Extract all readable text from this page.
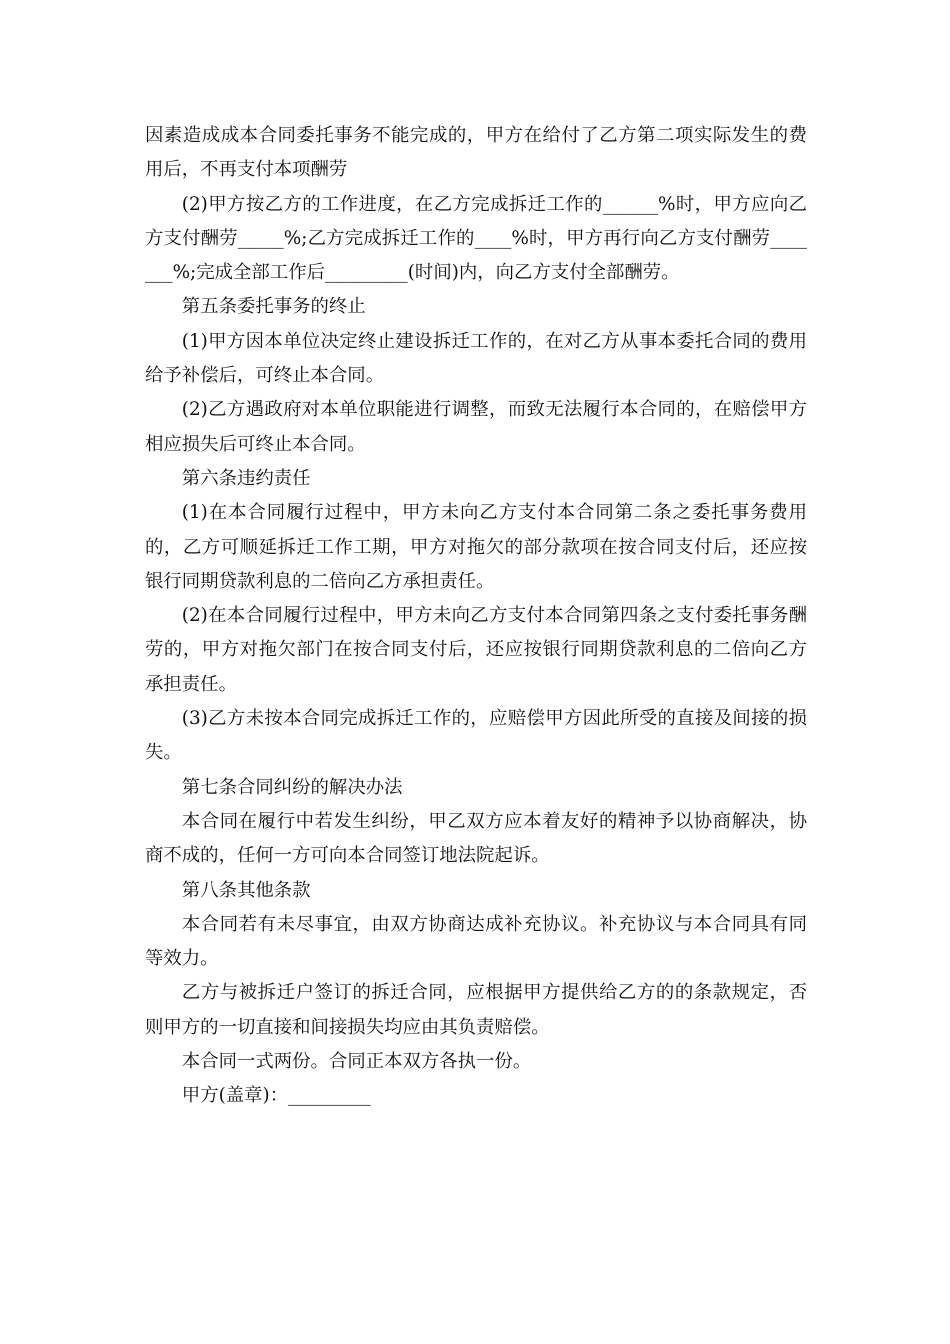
因素造成成本合同委托事务不能完成的，甲方在给付了乙方第二项实际发生的费用后，不再支付本项酬劳

(2)甲方按乙方的工作进度，在乙方完成拆迁工作的______%时，甲方应向乙方支付酬劳_____%;乙方完成拆迁工作的____%时，甲方再行向乙方支付酬劳_______%;完成全部工作后_________(时间)内，向乙方支付全部酬劳。

第五条委托事务的终止

(1)甲方因本单位决定终止建设拆迁工作的，在对乙方从事本委托合同的费用给予补偿后，可终止本合同。

(2)乙方遇政府对本单位职能进行调整，而致无法履行本合同的，在赔偿甲方相应损失后可终止本合同。

第六条违约责任

(1)在本合同履行过程中，甲方未向乙方支付本合同第二条之委托事务费用的，乙方可顺延拆迁工作工期，甲方对拖欠的部分款项在按合同支付后，还应按银行同期贷款利息的二倍向乙方承担责任。

(2)在本合同履行过程中，甲方未向乙方支付本合同第四条之支付委托事务酬劳的，甲方对拖欠部门在按合同支付后，还应按银行同期贷款利息的二倍向乙方承担责任。

(3)乙方未按本合同完成拆迁工作的，应赔偿甲方因此所受的直接及间接的损失。

第七条合同纠纷的解决办法

本合同在履行中若发生纠纷，甲乙双方应本着友好的精神予以协商解决，协商不成的，任何一方可向本合同签订地法院起诉。

第八条其他条款

本合同若有未尽事宜，由双方协商达成补充协议。补充协议与本合同具有同等效力。

乙方与被拆迁户签订的拆迁合同，应根据甲方提供给乙方的的条款规定，否则甲方的一切直接和间接损失均应由其负责赔偿。

本合同一式两份。合同正本双方各执一份。

甲方(盖章)：_________
